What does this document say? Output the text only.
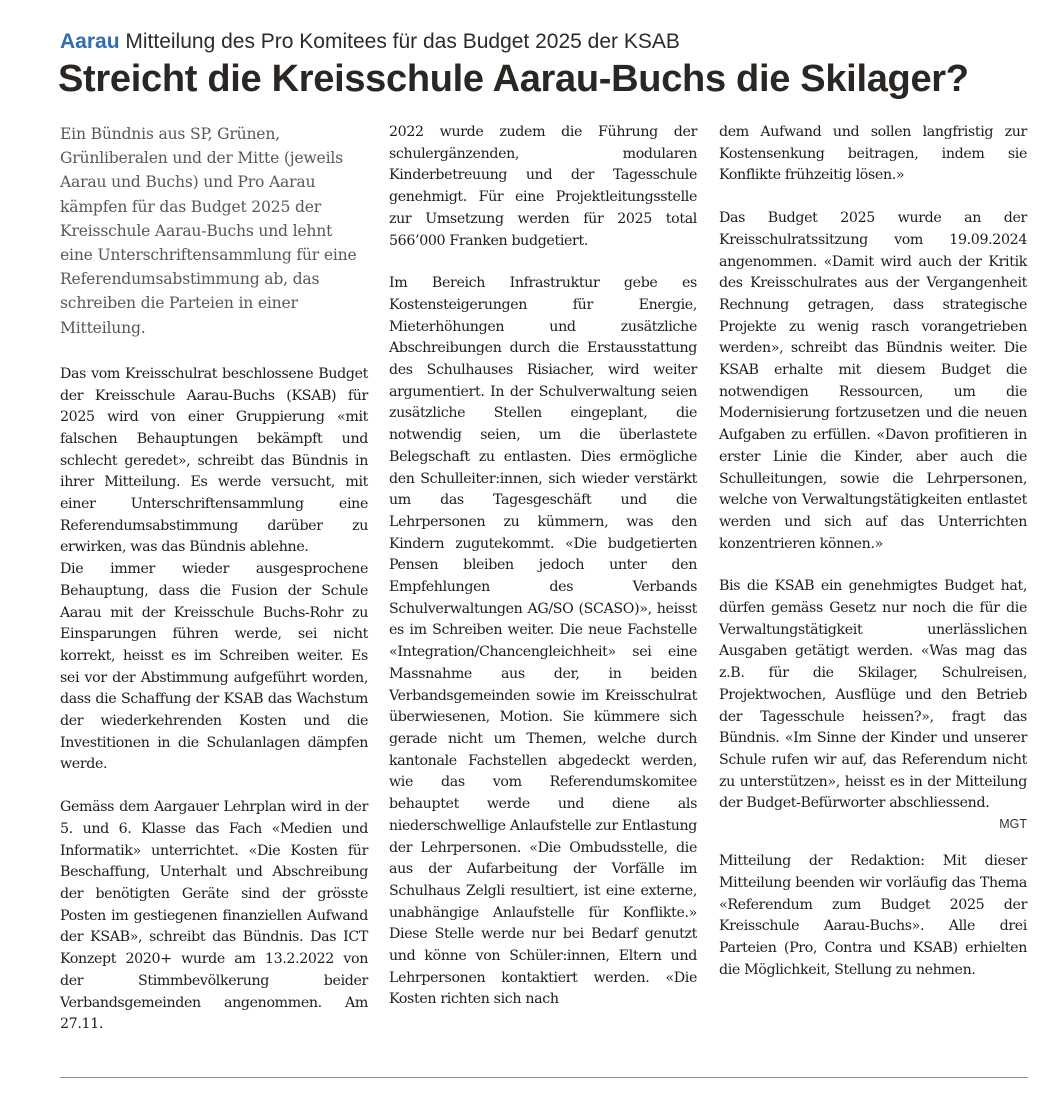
Aarau Mitteilung des Pro Komitees für das Budget 2025 der KSAB
Streicht die Kreisschule Aarau-Buchs die Skilager?

Ein Bündnis aus SP, Grünen, Grünliberalen und der Mitte (jeweils Aarau und Buchs) und Pro Aarau kämpfen für das Budget 2025 der Kreisschule Aarau-Buchs und lehnt eine Unterschriftensammlung für eine Referendumsabstimmung ab, das schreiben die Parteien in einer Mitteilung.

Das vom Kreisschulrat beschlossene Budget der Kreisschule Aarau-Buchs (KSAB) für 2025 wird von einer Gruppierung «mit falschen Behauptungen bekämpft und schlecht geredet», schreibt das Bündnis in ihrer Mitteilung. Es werde versucht, mit einer Unterschriftensammlung eine Referendumsabstimmung darüber zu erwirken, was das Bündnis ablehne.

Die immer wieder ausgesprochene Behauptung, dass die Fusion der Schule Aarau mit der Kreisschule Buchs-Rohr zu Einsparungen führen werde, sei nicht korrekt, heisst es im Schreiben weiter. Es sei vor der Abstimmung aufgeführt worden, dass die Schaffung der KSAB das Wachstum der wiederkehrenden Kosten und die Investitionen in die Schulanlagen dämpfen werde.

Gemäss dem Aargauer Lehrplan wird in der 5. und 6. Klasse das Fach «Medien und Informatik» unterrichtet. «Die Kosten für Beschaffung, Unterhalt und Abschreibung der benötigten Geräte sind der grösste Posten im gestiegenen finanziellen Aufwand der KSAB», schreibt das Bündnis. Das ICT Konzept 2020+ wurde am 13.2.2022 von der Stimmbevölkerung beider Verbandsgemeinden angenommen. Am 27.11.

2022 wurde zudem die Führung der schulergänzenden, modularen Kinderbetreuung und der Tagesschule genehmigt. Für eine Projektleitungsstelle zur Umsetzung werden für 2025 total 566’000 Franken budgetiert.

Im Bereich Infrastruktur gebe es Kostensteigerungen für Energie, Mieterhöhungen und zusätzliche Abschreibungen durch die Erstausstattung des Schulhauses Risiacher, wird weiter argumentiert. In der Schulverwaltung seien zusätzliche Stellen eingeplant, die notwendig seien, um die überlastete Belegschaft zu entlasten. Dies ermögliche den Schulleiter:innen, sich wieder verstärkt um das Tagesgeschäft und die Lehrpersonen zu kümmern, was den Kindern zugutekommt. «Die budgetierten Pensen bleiben jedoch unter den Empfehlungen des Verbands Schulverwaltungen AG/SO (SCASO)», heisst es im Schreiben weiter. Die neue Fachstelle «Integration/Chancengleichheit» sei eine Massnahme aus der, in beiden Verbandsgemeinden sowie im Kreisschulrat überwiesenen, Motion. Sie kümmere sich gerade nicht um Themen, welche durch kantonale Fachstellen abgedeckt werden, wie das vom Referendumskomitee behauptet werde und diene als niederschwellige Anlaufstelle zur Entlastung der Lehrpersonen. «Die Ombudsstelle, die aus der Aufarbeitung der Vorfälle im Schulhaus Zelgli resultiert, ist eine externe, unabhängige Anlaufstelle für Konflikte.» Diese Stelle werde nur bei Bedarf genutzt und könne von Schüler:innen, Eltern und Lehrpersonen kontaktiert werden. «Die Kosten richten sich nach

dem Aufwand und sollen langfristig zur Kostensenkung beitragen, indem sie Konflikte frühzeitig lösen.»

Das Budget 2025 wurde an der Kreisschulratssitzung vom 19.09.2024 angenommen. «Damit wird auch der Kritik des Kreisschulrates aus der Vergangenheit Rechnung getragen, dass strategische Projekte zu wenig rasch vorangetrieben werden», schreibt das Bündnis weiter. Die KSAB erhalte mit diesem Budget die notwendigen Ressourcen, um die Modernisierung fortzusetzen und die neuen Aufgaben zu erfüllen. «Davon profitieren in erster Linie die Kinder, aber auch die Schulleitungen, sowie die Lehrpersonen, welche von Verwaltungstätigkeiten entlastet werden und sich auf das Unterrichten konzentrieren können.»

Bis die KSAB ein genehmigtes Budget hat, dürfen gemäss Gesetz nur noch die für die Verwaltungstätigkeit unerlässlichen Ausgaben getätigt werden. «Was mag das z.B. für die Skilager, Schulreisen, Projektwochen, Ausflüge und den Betrieb der Tagesschule heissen?», fragt das Bündnis. «Im Sinne der Kinder und unserer Schule rufen wir auf, das Referendum nicht zu unterstützen», heisst es in der Mitteilung der Budget-Befürworter abschliessend.

MGT

Mitteilung der Redaktion: Mit dieser Mitteilung beenden wir vorläufig das Thema «Referendum zum Budget 2025 der Kreisschule Aarau-Buchs». Alle drei Parteien (Pro, Contra und KSAB) erhielten die Möglichkeit, Stellung zu nehmen.
